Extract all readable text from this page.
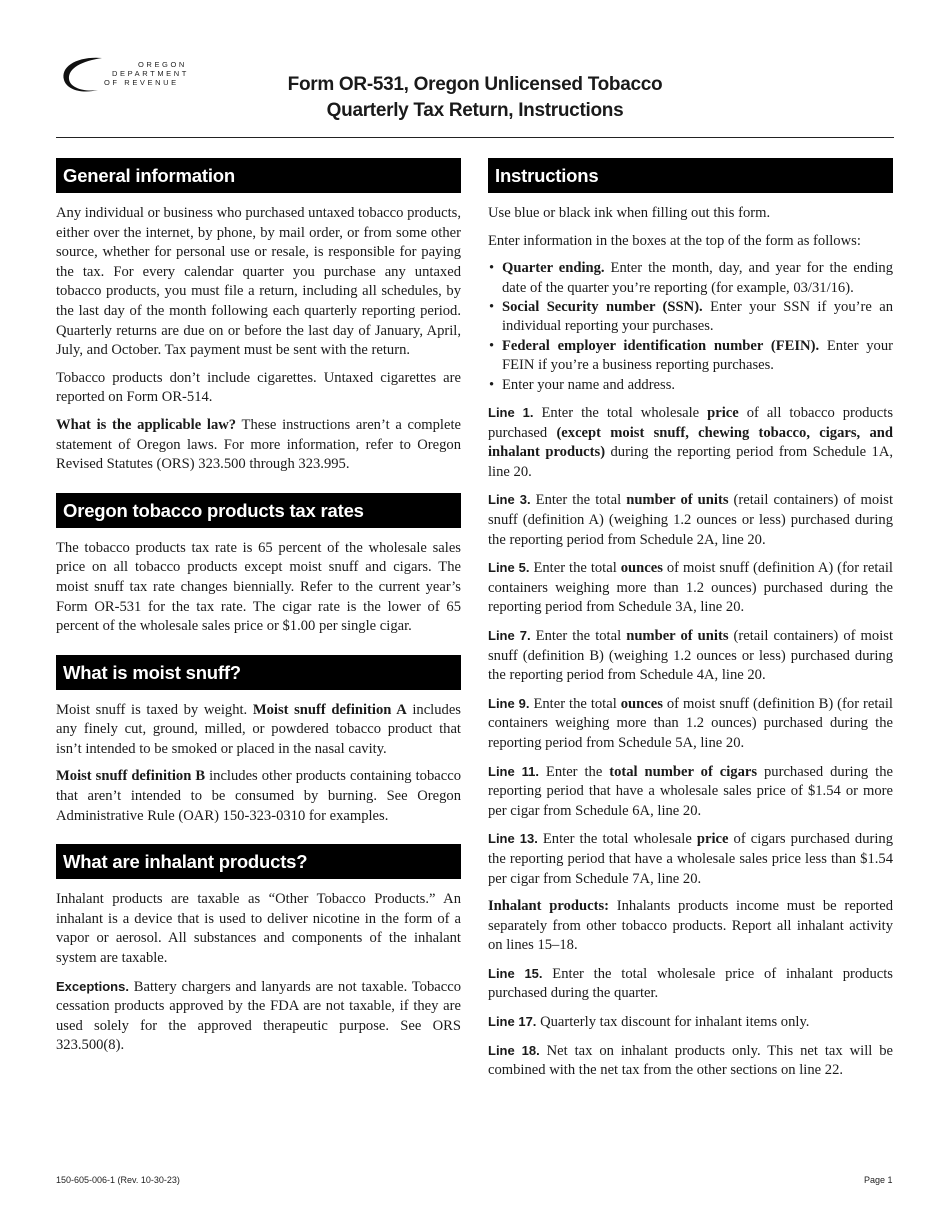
OREGON
DEPARTMENT
OF REVENUE	Form OR-531, Oregon Unlicensed Tobacco
Quarterly Tax Return, Instructions
General information

Any individual or business who purchased untaxed tobacco products, either over the internet, by phone, by mail order, or from some other source, whether for personal use or resale, is responsible for paying the tax. For every calendar quarter you purchase any untaxed tobacco products, you must file a return, including all schedules, by the last day of the month following each quarterly reporting period. Quarterly returns are due on or before the last day of January, April, July, and October. Tax payment must be sent with the return.

Tobacco products don’t include cigarettes. Untaxed cigarettes are reported on Form OR-514.

What is the applicable law? These instructions aren’t a complete statement of Oregon laws. For more information, refer to Oregon Revised Statutes (ORS) 323.500 through 323.995.

Oregon tobacco products tax rates

The tobacco products tax rate is 65 percent of the wholesale sales price on all tobacco products except moist snuff and cigars. The moist snuff tax rate changes biennially. Refer to the current year’s Form OR-531 for the tax rate. The cigar rate is the lower of 65 percent of the wholesale sales price or $1.00 per single cigar.

What is moist snuff?

Moist snuff is taxed by weight. Moist snuff definition A includes any finely cut, ground, milled, or powdered tobacco product that isn’t intended to be smoked or placed in the nasal cavity.

Moist snuff definition B includes other products containing tobacco that aren’t intended to be consumed by burning. See Oregon Administrative Rule (OAR) 150-323-0310 for examples.

What are inhalant products?

Inhalant products are taxable as “Other Tobacco Products.” An inhalant is a device that is used to deliver nicotine in the form of a vapor or aerosol. All substances and components of the inhalant system are taxable.

Exceptions. Battery chargers and lanyards are not taxable. Tobacco cessation products approved by the FDA are not taxable, if they are used solely for the approved therapeutic purpose. See ORS 323.500(8).

Instructions

Use blue or black ink when filling out this form.

Enter information in the boxes at the top of the form as follows:

• Quarter ending. Enter the month, day, and year for the ending date of the quarter you’re reporting (for example, 03/31/16).
• Social Security number (SSN). Enter your SSN if you’re an individual reporting your purchases.
• Federal employer identification number (FEIN). Enter your FEIN if you’re a business reporting purchases.
• Enter your name and address.

Line 1. Enter the total wholesale price of all tobacco products purchased (except moist snuff, chewing tobacco, cigars, and inhalant products) during the reporting period from Schedule 1A, line 20.

Line 3. Enter the total number of units (retail containers) of moist snuff (definition A) (weighing 1.2 ounces or less) purchased during the reporting period from Schedule 2A, line 20.

Line 5. Enter the total ounces of moist snuff (definition A) (for retail containers weighing more than 1.2 ounces) purchased during the reporting period from Schedule 3A, line 20.

Line 7. Enter the total number of units (retail containers) of moist snuff (definition B) (weighing 1.2 ounces or less) purchased during the reporting period from Schedule 4A, line 20.

Line 9. Enter the total ounces of moist snuff (definition B) (for retail containers weighing more than 1.2 ounces) purchased during the reporting period from Schedule 5A, line 20.

Line 11. Enter the total number of cigars purchased during the reporting period that have a wholesale sales price of $1.54 or more per cigar from Schedule 6A, line 20.

Line 13. Enter the total wholesale price of cigars purchased during the reporting period that have a wholesale sales price less than $1.54 per cigar from Schedule 7A, line 20.

Inhalant products: Inhalants products income must be reported separately from other tobacco products. Report all inhalant activity on lines 15–18.

Line 15. Enter the total wholesale price of inhalant products purchased during the quarter.

Line 17. Quarterly tax discount for inhalant items only.

Line 18. Net tax on inhalant products only. This net tax will be combined with the net tax from the other sections on line 22.

150-605-006-1 (Rev. 10-30-23)	Page 1
